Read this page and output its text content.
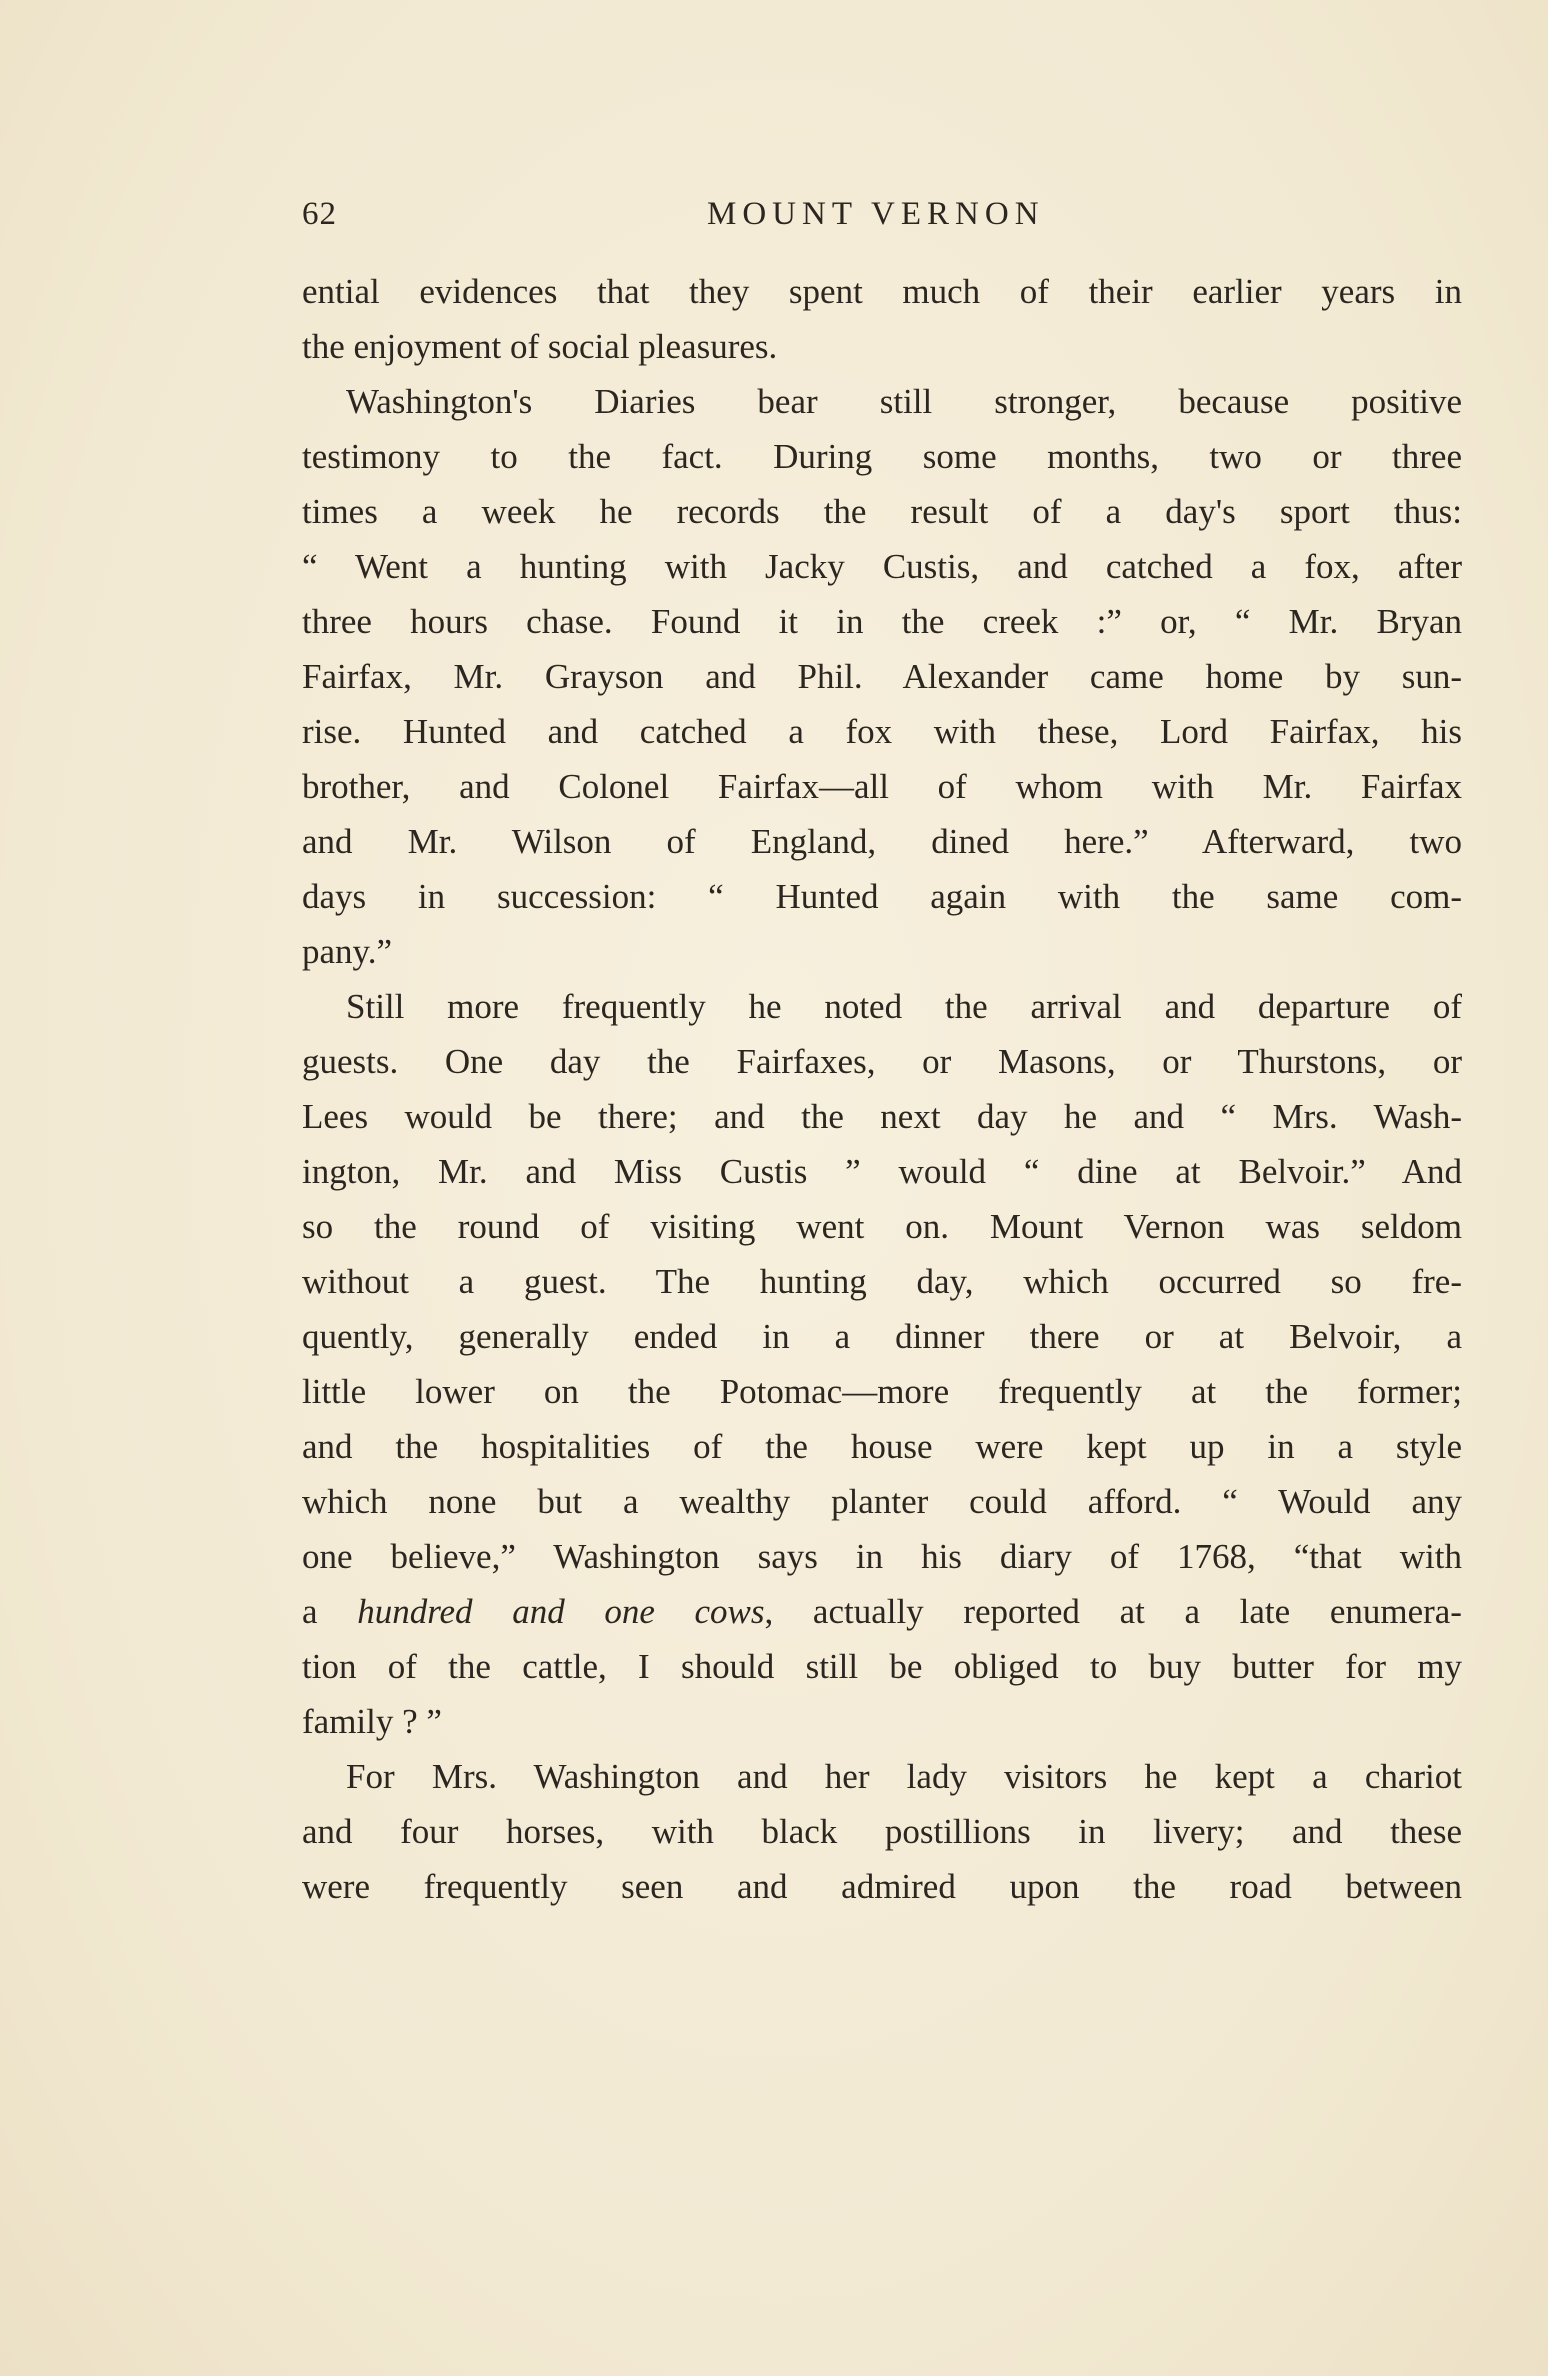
62	MOUNT VERNON
ential evidences that they spent much of their earlier years in
the enjoyment of social pleasures.
Washington's Diaries bear still stronger, because positive
testimony to the fact. During some months, two or three
times a week he records the result of a day's sport thus:
“ Went a hunting with Jacky Custis, and catched a fox, after
three hours chase. Found it in the creek :” or, “ Mr. Bryan
Fairfax, Mr. Grayson and Phil. Alexander came home by sun-
rise. Hunted and catched a fox with these, Lord Fairfax, his
brother, and Colonel Fairfax—all of whom with Mr. Fairfax
and Mr. Wilson of England, dined here.” Afterward, two
days in succession: “ Hunted again with the same com-
pany.”
Still more frequently he noted the arrival and departure of
guests. One day the Fairfaxes, or Masons, or Thurstons, or
Lees would be there; and the next day he and “ Mrs. Wash-
ington, Mr. and Miss Custis ” would “ dine at Belvoir.” And
so the round of visiting went on. Mount Vernon was seldom
without a guest. The hunting day, which occurred so fre-
quently, generally ended in a dinner there or at Belvoir, a
little lower on the Potomac—more frequently at the former;
and the hospitalities of the house were kept up in a style
which none but a wealthy planter could afford. “ Would any
one believe,” Washington says in his diary of 1768, “that with
a hundred and one cows, actually reported at a late enumera-
tion of the cattle, I should still be obliged to buy butter for my
family ? ”
For Mrs. Washington and her lady visitors he kept a chariot
and four horses, with black postillions in livery; and these
were frequently seen and admired upon the road between
